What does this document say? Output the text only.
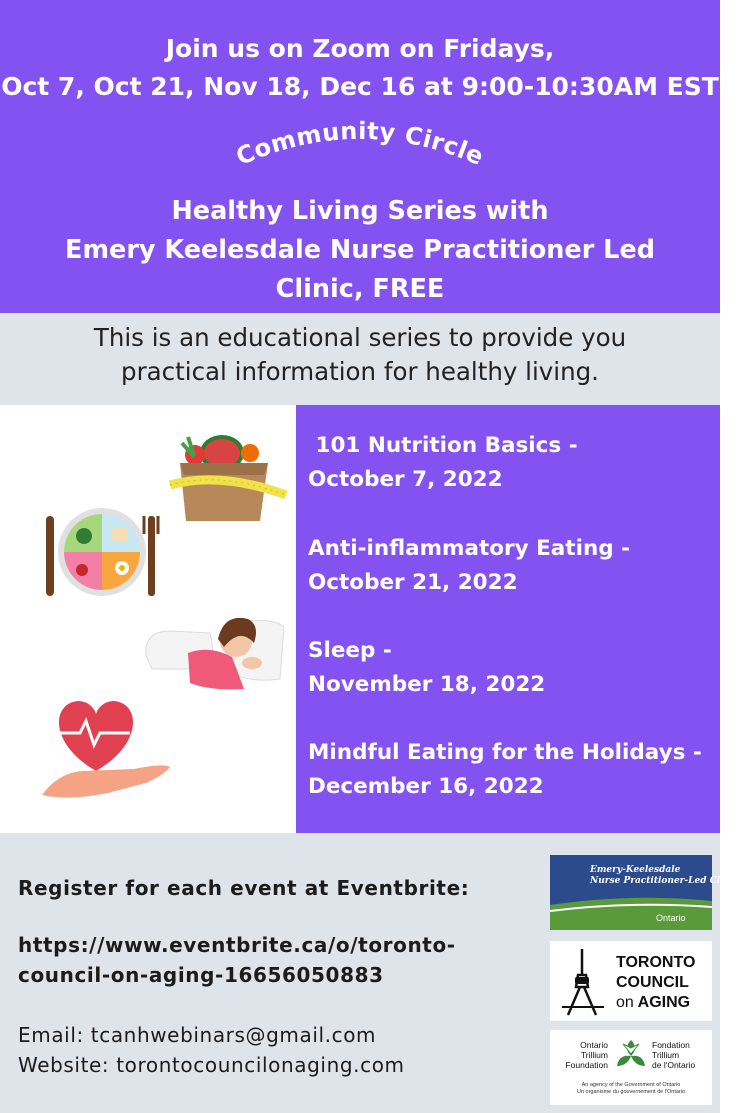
Join us on Zoom on Fridays,
Oct 7, Oct 21, Nov 18, Dec 16 at 9:00-10:30AM EST
Community Circle
Healthy Living Series with
Emery Keelesdale Nurse Practitioner Led
Clinic, FREE
This is an educational series to provide you
practical information for healthy living.
101 Nutrition Basics -
October 7, 2022
Anti-inflammatory Eating -
October 21, 2022
Sleep -
November 18, 2022
Mindful Eating for the Holidays -
December 16, 2022
Register for each event at Eventbrite:
https://www.eventbrite.ca/o/toronto-
council-on-aging-16656050883
Email: tcanhwebinars@gmail.com
Website: torontocouncilonaging.com
Emery-Keelesdale
Nurse Practitioner-Led Clinic
Ontario
TORONTO
COUNCIL
on AGING
Ontario
Trillium
Foundation
Fondation
Trillium
de l'Ontario
An agency of the Government of Ontario
Un organisme du gouvernement de l'Ontario
